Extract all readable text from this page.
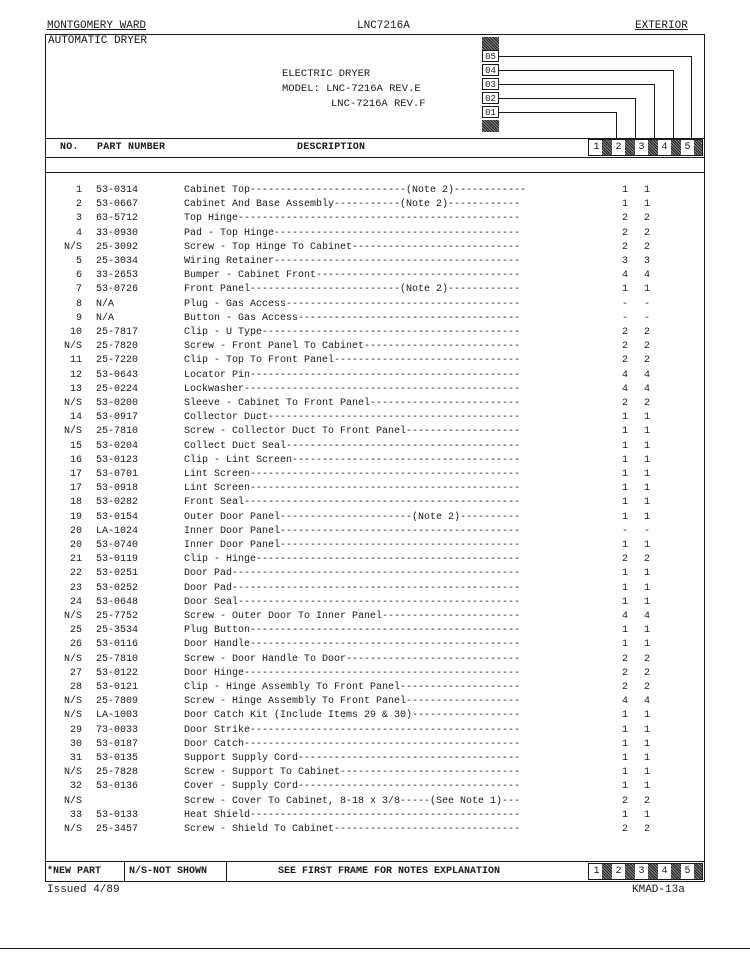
MONTGOMERY WARD	LNC7216A	EXTERIOR
AUTOMATIC DRYER
ELECTRIC DRYER
MODEL: LNC-7216A REV.E
LNC-7216A REV.F
05
04
03
02
01
NO. PART NUMBER	DESCRIPTION	1	2	3	4	5
1 53-0314	Cabinet Top--------------------------(Note 2)------------	1 1
2 53-0667	Cabinet And Base Assembly-----------(Note 2)------------	1 1
3 63-5712	Top Hinge-----------------------------------------------	2 2
4 33-0930	Pad - Top Hinge-----------------------------------------	2 2
N/S 25-3092	Screw - Top Hinge To Cabinet----------------------------	2 2
5 25-3034	Wiring Retainer-----------------------------------------	3 3
6 33-2653	Bumper - Cabinet Front----------------------------------	4 4
7 53-0726	Front Panel-------------------------(Note 2)------------	1 1
8 N/A	Plug - Gas Access---------------------------------------	- -
9 N/A	Button - Gas Access-------------------------------------	- -
10 25-7817	Clip - U Type-------------------------------------------	2 2
N/S 25-7820	Screw - Front Panel To Cabinet--------------------------	2 2
11 25-7220	Clip - Top To Front Panel-------------------------------	2 2
12 53-0643	Locator Pin---------------------------------------------	4 4
13 25-0224	Lockwasher----------------------------------------------	4 4
N/S 53-0200	Sleeve - Cabinet To Front Panel-------------------------	2 2
14 53-0917	Collector Duct------------------------------------------	1 1
N/S 25-7810	Screw - Collector Duct To Front Panel-------------------	1 1
15 53-0204	Collect Duct Seal---------------------------------------	1 1
16 53-0123	Clip - Lint Screen--------------------------------------	1 1
17 53-0701	Lint Screen---------------------------------------------	1 1
17 53-0918	Lint Screen---------------------------------------------	1 1
18 53-0282	Front Seal----------------------------------------------	1 1
19 53-0154	Outer Door Panel----------------------(Note 2)----------	1 1
20 LA-1024	Inner Door Panel----------------------------------------	- -
20 53-0740	Inner Door Panel----------------------------------------	1 1
21 53-0119	Clip - Hinge--------------------------------------------	2 2
22 53-0251	Door Pad------------------------------------------------	1 1
23 53-0252	Door Pad------------------------------------------------	1 1
24 53-0648	Door Seal-----------------------------------------------	1 1
N/S 25-7752	Screw - Outer Door To Inner Panel-----------------------	4 4
25 25-3534	Plug Button---------------------------------------------	1 1
26 53-0116	Door Handle---------------------------------------------	1 1
N/S 25-7810	Screw - Door Handle To Door-----------------------------	2 2
27 53-0122	Door Hinge----------------------------------------------	2 2
28 53-0121	Clip - Hinge Assembly To Front Panel--------------------	2 2
N/S 25-7809	Screw - Hinge Assembly To Front Panel-------------------	4 4
N/S LA-1003	Door Catch Kit (Include Items 29 & 30)------------------	1 1
29 73-0033	Door Strike---------------------------------------------	1 1
30 53-0187	Door Catch----------------------------------------------	1 1
31 53-0135	Support Supply Cord-------------------------------------	1 1
N/S 25-7828	Screw - Support To Cabinet------------------------------	1 1
32 53-0136	Cover - Supply Cord-------------------------------------	1 1
N/S	Screw - Cover To Cabinet, 8-18 x 3/8-----(See Note 1)---	2 2
33 53-0133	Heat Shield---------------------------------------------	1 1
N/S 25-3457	Screw - Shield To Cabinet-------------------------------	2 2
*NEW PART	N/S-NOT SHOWN	SEE FIRST FRAME FOR NOTES EXPLANATION	1	2	3	4	5
Issued 4/89	KMAD-13a
